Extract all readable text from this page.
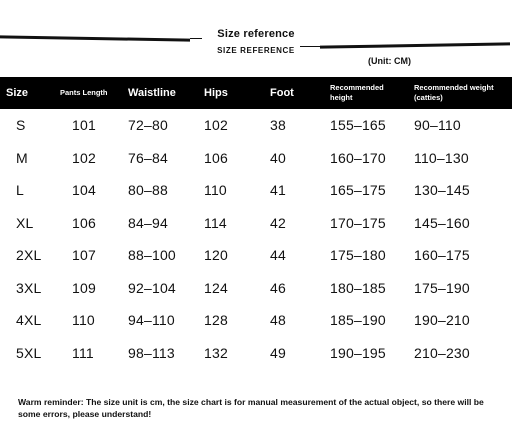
Size reference
SIZE REFERENCE
(Unit: CM)
Size	Pants Length	Waistline	Hips	Foot	Recommended height	Recommended weight (catties)
S	101	72–80	102	38	155–165	90–110
M	102	76–84	106	40	160–170	110–130
L	104	80–88	110	41	165–175	130–145
XL	106	84–94	114	42	170–175	145–160
2XL	107	88–100	120	44	175–180	160–175
3XL	109	92–104	124	46	180–185	175–190
4XL	110	94–110	128	48	185–190	190–210
5XL	111	98–113	132	49	190–195	210–230
Warm reminder: The size unit is cm, the size chart is for manual measurement of the actual object, so there will be some errors, please understand!
